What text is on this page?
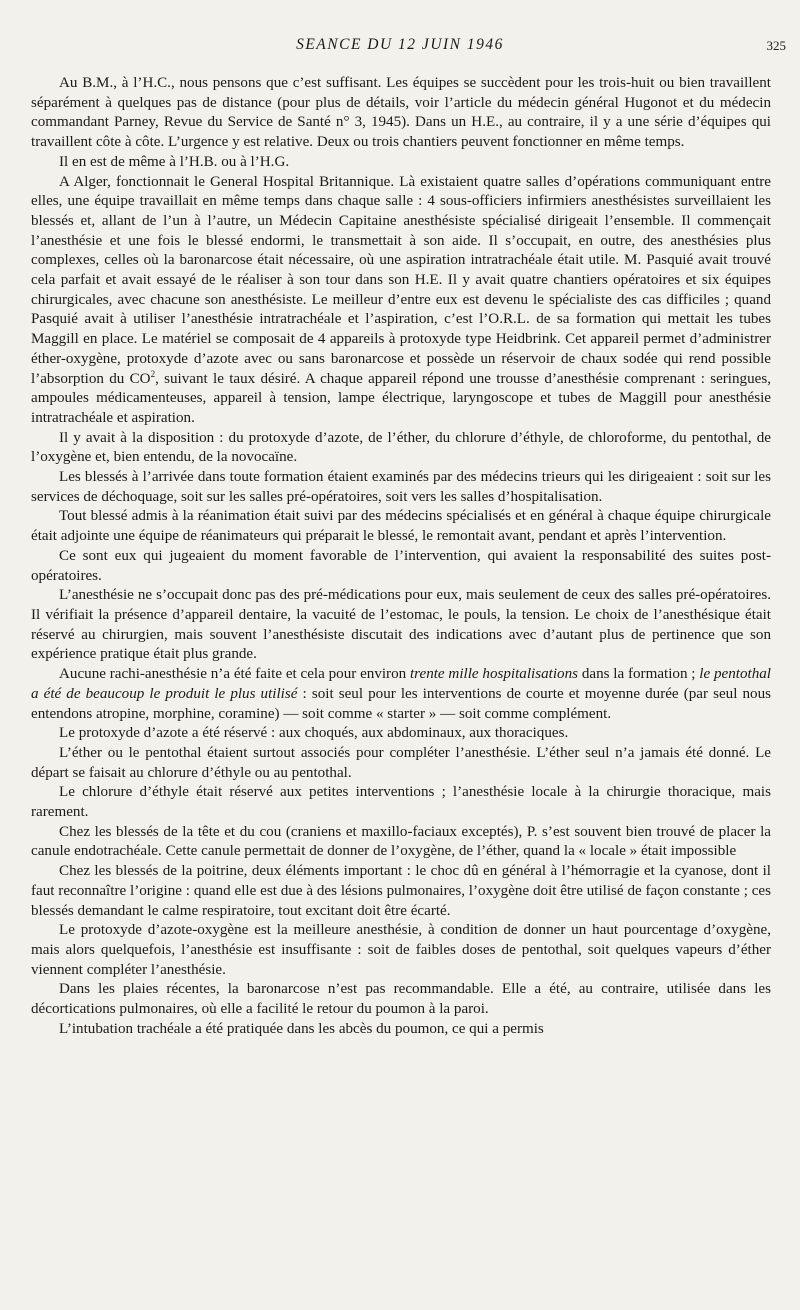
SEANCE DU 12 JUIN 1946	325

Au B.M., à l’H.C., nous pensons que c’est suffisant. Les équipes se succèdent pour les trois-huit ou bien travaillent séparément à quelques pas de distance (pour plus de détails, voir l’article du médecin général Hugonot et du médecin commandant Parney, Revue du Service de Santé n° 3, 1945). Dans un H.E., au contraire, il y a une série d’équipes qui travaillent côte à côte. L’urgence y est relative. Deux ou trois chantiers peuvent fonctionner en même temps.

Il en est de même à l’H.B. ou à l’H.G.

A Alger, fonctionnait le General Hospital Britannique. Là existaient quatre salles d’opérations communiquant entre elles, une équipe travaillait en même temps dans chaque salle : 4 sous-officiers infirmiers anesthésistes surveillaient les blessés et, allant de l’un à l’autre, un Médecin Capitaine anesthésiste spécialisé dirigeait l’ensemble. Il commençait l’anesthésie et une fois le blessé endormi, le transmettait à son aide. Il s’occupait, en outre, des anesthésies plus complexes, celles où la baronarcose était nécessaire, où une aspiration intratrachéale était utile. M. Pasquié avait trouvé cela parfait et avait essayé de le réaliser à son tour dans son H.E. Il y avait quatre chantiers opératoires et six équipes chirurgicales, avec chacune son anesthésiste. Le meilleur d’entre eux est devenu le spécialiste des cas difficiles ; quand Pasquié avait à utiliser l’anesthésie intratrachéale et l’aspiration, c’est l’O.R.L. de sa formation qui mettait les tubes Maggill en place. Le matériel se composait de 4 appareils à protoxyde type Heidbrink. Cet appareil permet d’administrer éther-oxygène, protoxyde d’azote avec ou sans baronarcose et possède un réservoir de chaux sodée qui rend possible l’absorption du $CO^2$, suivant le taux désiré. A chaque appareil répond une trousse d’anesthésie comprenant : seringues, ampoules médicamenteuses, appareil à tension, lampe électrique, laryngoscope et tubes de Maggill pour anesthésie intratrachéale et aspiration.

Il y avait à la disposition : du protoxyde d’azote, de l’éther, du chlorure d’éthyle, de chloroforme, du pentothal, de l’oxygène et, bien entendu, de la novocaïne.

Les blessés à l’arrivée dans toute formation étaient examinés par des médecins trieurs qui les dirigeaient : soit sur les services de déchoquage, soit sur les salles pré-opératoires, soit vers les salles d’hospitalisation.

Tout blessé admis à la réanimation était suivi par des médecins spécialisés et en général à chaque équipe chirurgicale était adjointe une équipe de réanimateurs qui préparait le blessé, le remontait avant, pendant et après l’intervention.

Ce sont eux qui jugeaient du moment favorable de l’intervention, qui avaient la responsabilité des suites post-opératoires.

L’anesthésie ne s’occupait donc pas des pré-médications pour eux, mais seulement de ceux des salles pré-opératoires. Il vérifiait la présence d’appareil dentaire, la vacuité de l’estomac, le pouls, la tension. Le choix de l’anesthésique était réservé au chirurgien, mais souvent l’anesthésiste discutait des indications avec d’autant plus de pertinence que son expérience pratique était plus grande.

Aucune rachi-anesthésie n’a été faite et cela pour environ trente mille hospitalisations dans la formation ; le pentothal a été de beaucoup le produit le plus utilisé : soit seul pour les interventions de courte et moyenne durée (par seul nous entendons atropine, morphine, coramine) — soit comme « starter » — soit comme complément.

Le protoxyde d’azote a été réservé : aux choqués, aux abdominaux, aux thoraciques.

L’éther ou le pentothal étaient surtout associés pour compléter l’anesthésie. L’éther seul n’a jamais été donné. Le départ se faisait au chlorure d’éthyle ou au pentothal.

Le chlorure d’éthyle était réservé aux petites interventions ; l’anesthésie locale à la chirurgie thoracique, mais rarement.

Chez les blessés de la tête et du cou (craniens et maxillo-faciaux exceptés), P. s’est souvent bien trouvé de placer la canule endotrachéale. Cette canule permettait de donner de l’oxygène, de l’éther, quand la « locale » était impossible

Chez les blessés de la poitrine, deux éléments important : le choc dû en général à l’hémorragie et la cyanose, dont il faut reconnaître l’origine : quand elle est due à des lésions pulmonaires, l’oxygène doit être utilisé de façon constante ; ces blessés demandant le calme respiratoire, tout excitant doit être écarté.

Le protoxyde d’azote-oxygène est la meilleure anesthésie, à condition de donner un haut pourcentage d’oxygène, mais alors quelquefois, l’anesthésie est insuffisante : soit de faibles doses de pentothal, soit quelques vapeurs d’éther viennent compléter l’anesthésie.

Dans les plaies récentes, la baronarcose n’est pas recommandable. Elle a été, au contraire, utilisée dans les décortications pulmonaires, où elle a facilité le retour du poumon à la paroi.

L’intubation trachéale a été pratiquée dans les abcès du poumon, ce qui a permis
